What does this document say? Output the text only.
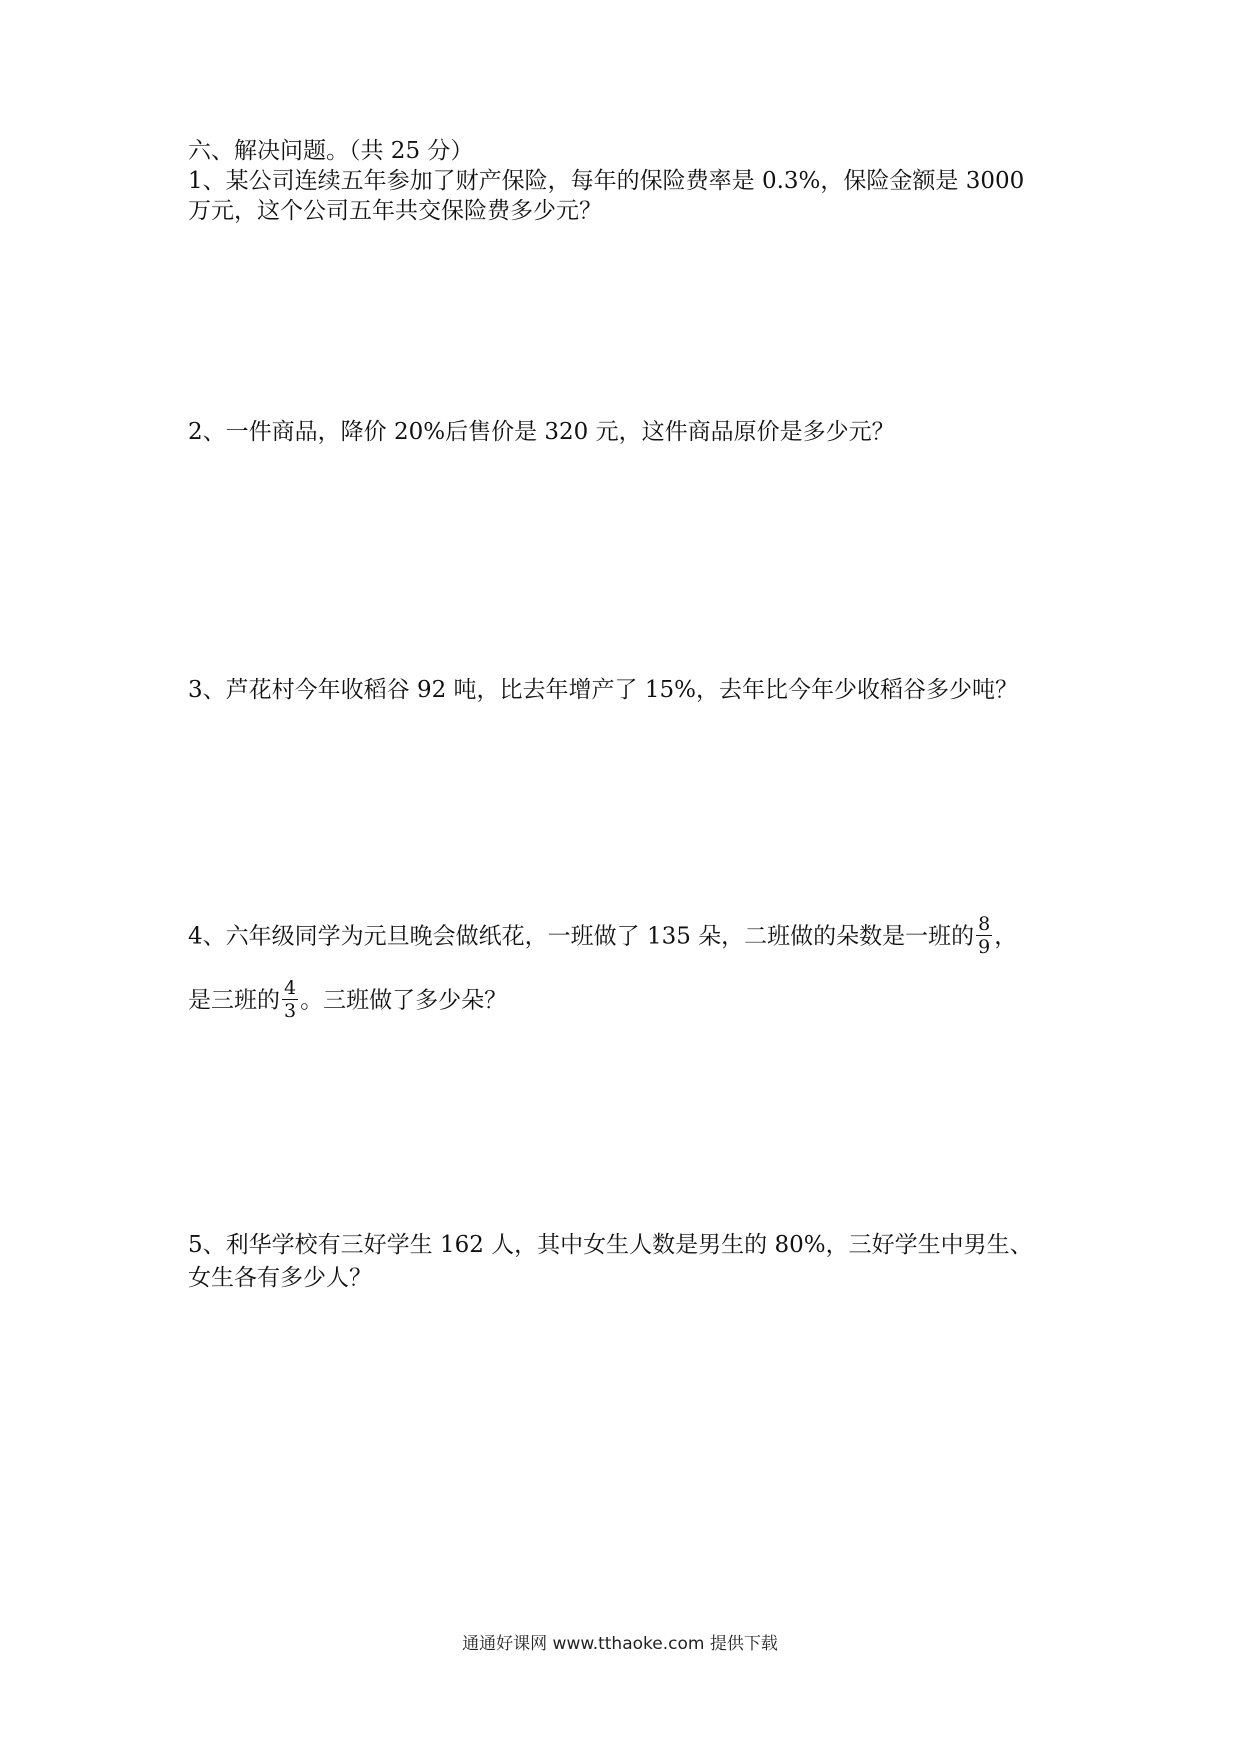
六、解决问题。（共 25 分）
1、某公司连续五年参加了财产保险，每年的保险费率是 0.3%，保险金额是 3000
万元，这个公司五年共交保险费多少元？
2、一件商品，降价 20%后售价是 320 元，这件商品原价是多少元？
3、芦花村今年收稻谷 92 吨，比去年增产了 15%，去年比今年少收稻谷多少吨？
4、六年级同学为元旦晚会做纸花，一班做了 135 朵，二班做的朵数是一班的 $\frac{8}{9}$ ，
是三班的 $\frac{4}{3}$ 。三班做了多少朵？
5、利华学校有三好学生 162 人，其中女生人数是男生的 80%，三好学生中男生、
女生各有多少人？
通通好课网 www.tthaoke.com 提供下载
